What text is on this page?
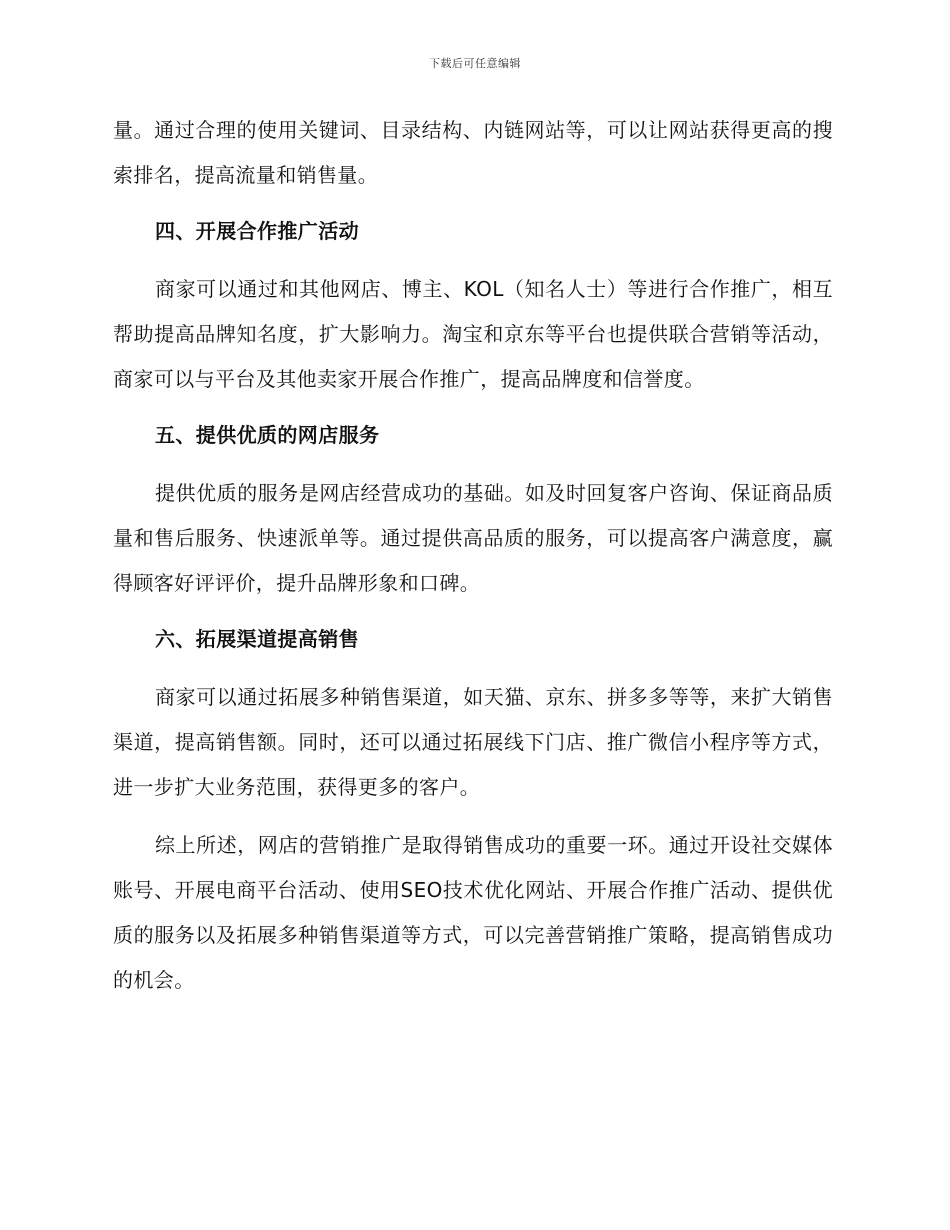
下载后可任意编辑

量。通过合理的使用关键词、目录结构、内链网站等，可以让网站获得更高的搜索排名，提高流量和销售量。

四、开展合作推广活动

商家可以通过和其他网店、博主、KOL（知名人士）等进行合作推广，相互帮助提高品牌知名度，扩大影响力。淘宝和京东等平台也提供联合营销等活动，商家可以与平台及其他卖家开展合作推广，提高品牌度和信誉度。

五、提供优质的网店服务

提供优质的服务是网店经营成功的基础。如及时回复客户咨询、保证商品质量和售后服务、快速派单等。通过提供高品质的服务，可以提高客户满意度，赢得顾客好评评价，提升品牌形象和口碑。

六、拓展渠道提高销售

商家可以通过拓展多种销售渠道，如天猫、京东、拼多多等等，来扩大销售渠道，提高销售额。同时，还可以通过拓展线下门店、推广微信小程序等方式，进一步扩大业务范围，获得更多的客户。

综上所述，网店的营销推广是取得销售成功的重要一环。通过开设社交媒体账号、开展电商平台活动、使用SEO技术优化网站、开展合作推广活动、提供优质的服务以及拓展多种销售渠道等方式，可以完善营销推广策略，提高销售成功的机会。
